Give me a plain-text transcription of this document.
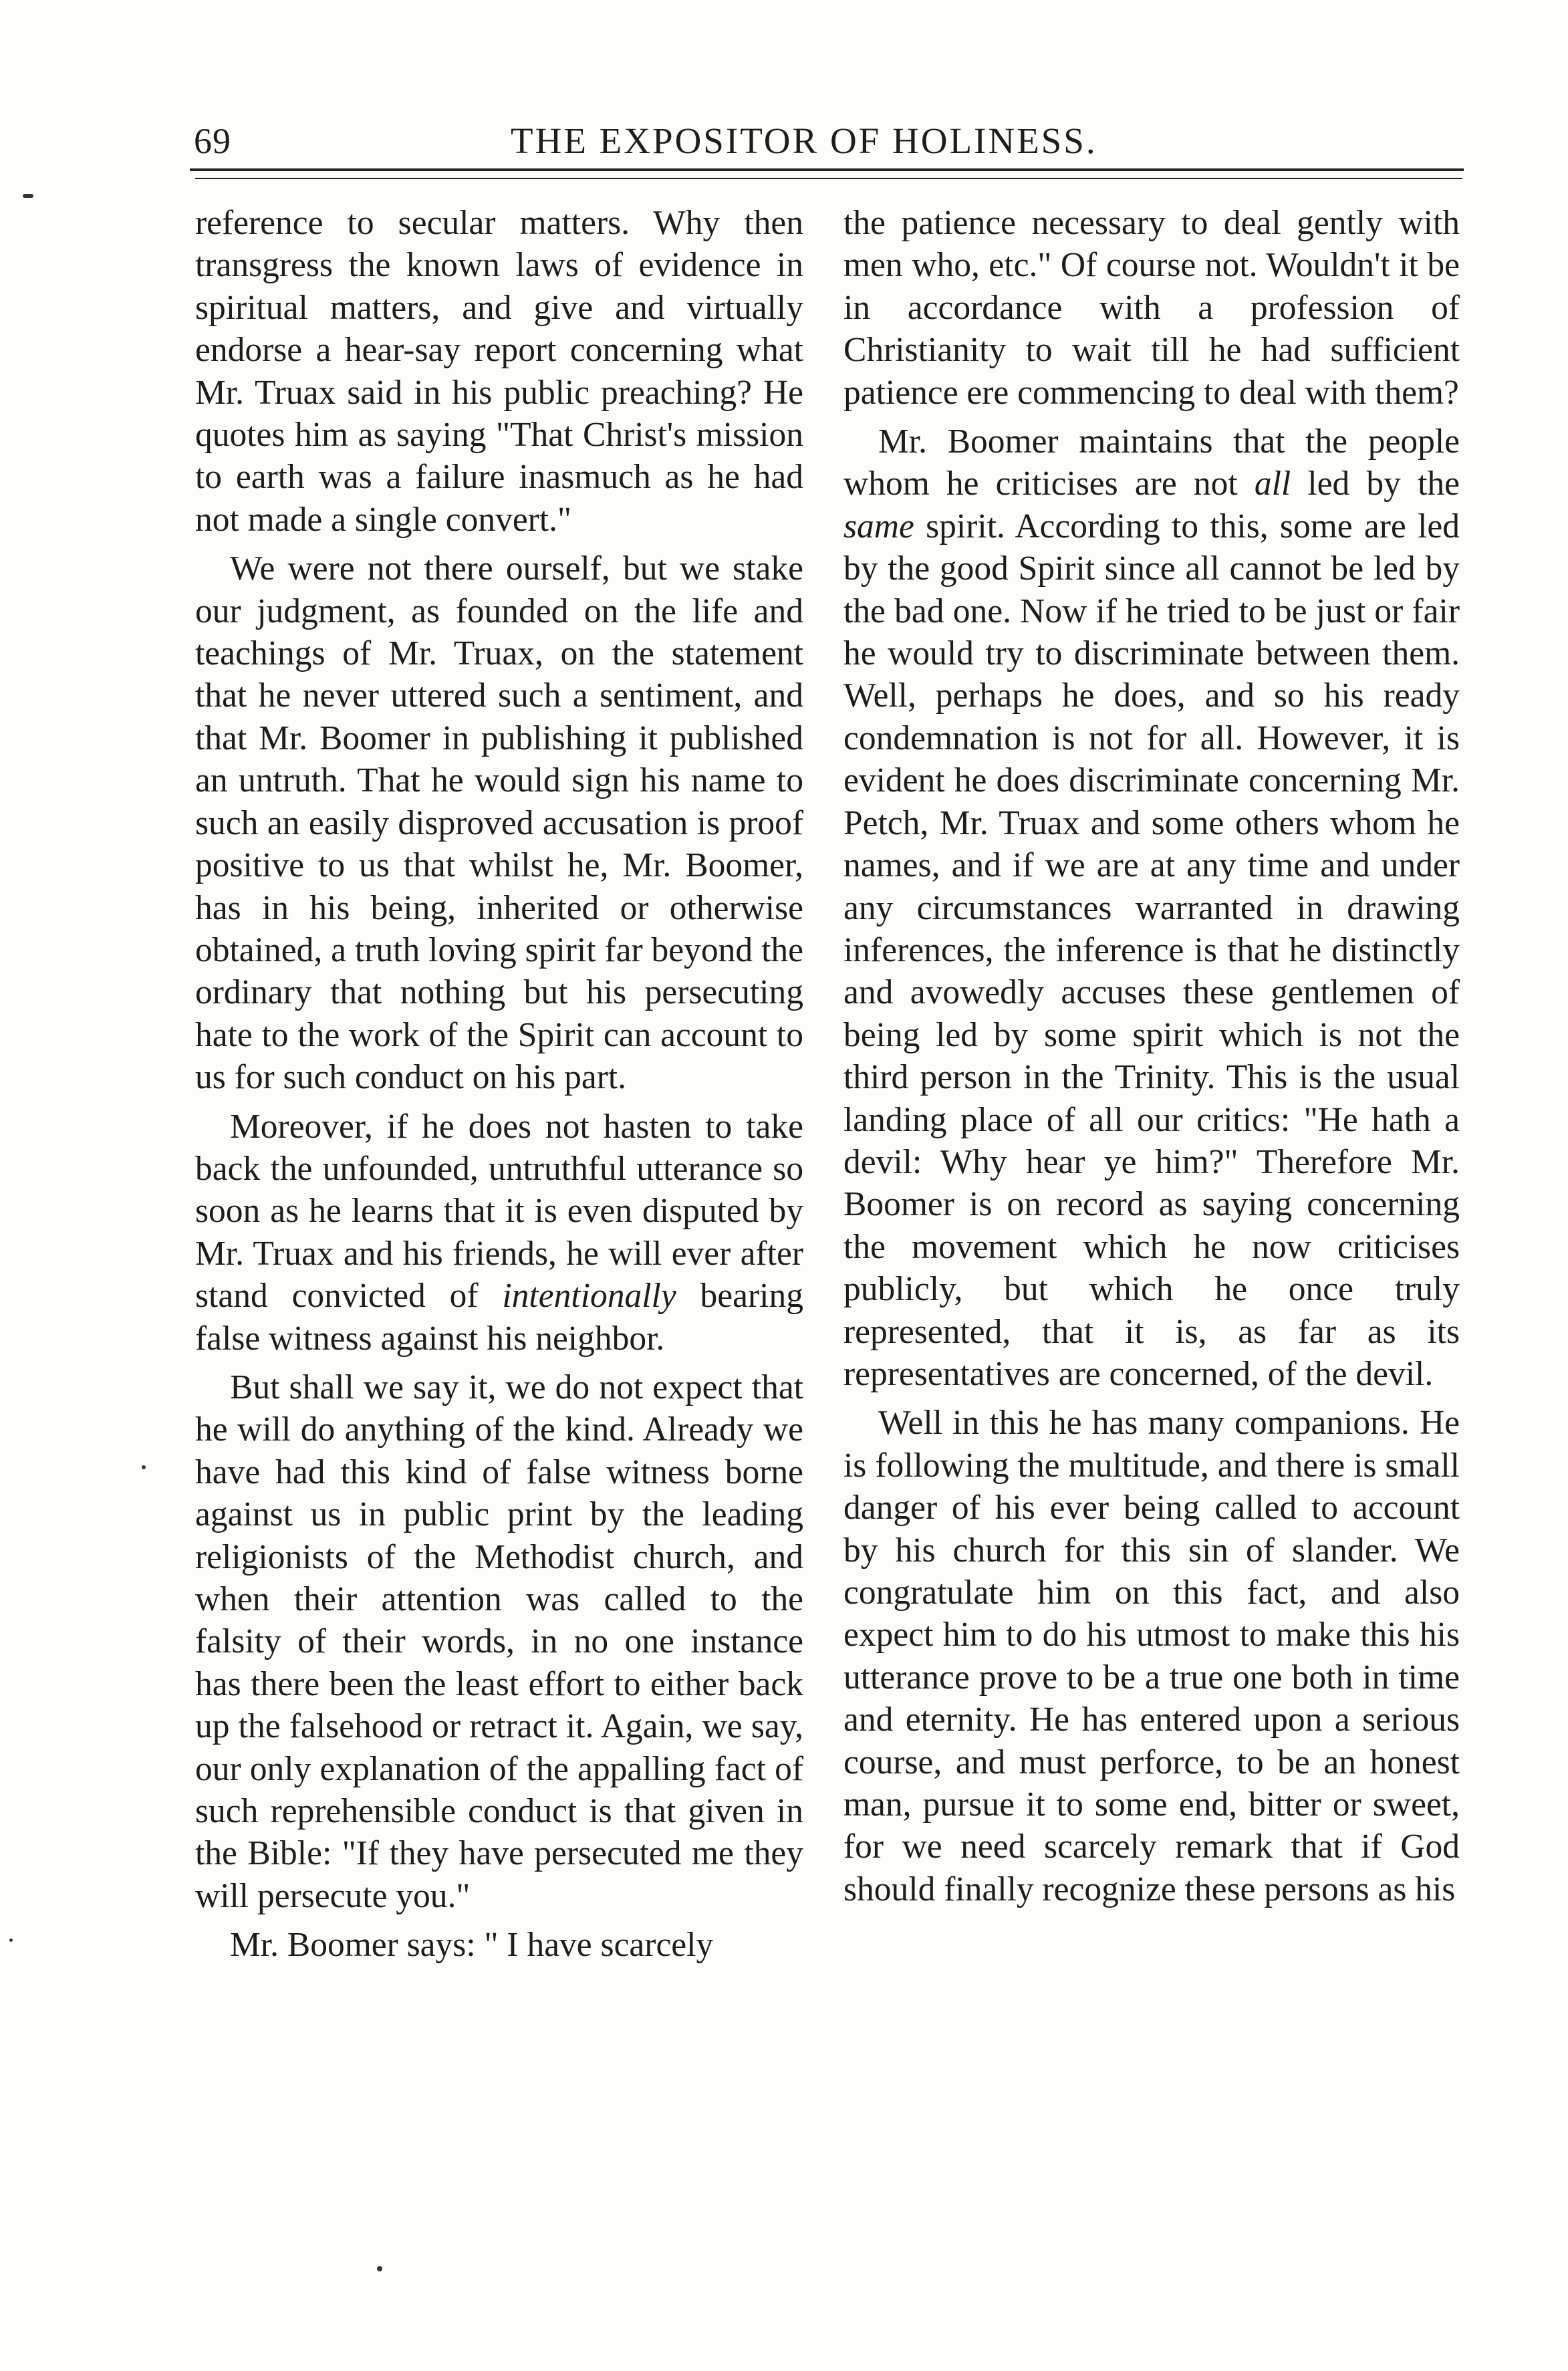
69	THE EXPOSITOR OF HOLINESS.

reference to secular matters. Why then transgress the known laws of evidence in spiritual matters, and give and virtually endorse a hear-say report concerning what Mr. Truax said in his public preaching? He quotes him as saying "That Christ's mission to earth was a failure inasmuch as he had not made a single convert."

We were not there ourself, but we stake our judgment, as founded on the life and teachings of Mr. Truax, on the statement that he never uttered such a sentiment, and that Mr. Boomer in publishing it published an untruth. That he would sign his name to such an easily disproved accusation is proof positive to us that whilst he, Mr. Boomer, has in his being, inherited or otherwise obtained, a truth loving spirit far beyond the ordinary that nothing but his persecuting hate to the work of the Spirit can account to us for such conduct on his part.

Moreover, if he does not hasten to take back the unfounded, untruthful utterance so soon as he learns that it is even disputed by Mr. Truax and his friends, he will ever after stand convicted of intentionally bearing false witness against his neighbor.

But shall we say it, we do not expect that he will do anything of the kind. Already we have had this kind of false witness borne against us in public print by the leading religionists of the Methodist church, and when their attention was called to the falsity of their words, in no one instance has there been the least effort to either back up the falsehood or retract it. Again, we say, our only explanation of the appalling fact of such reprehensible conduct is that given in the Bible: "If they have persecuted me they will persecute you."

Mr. Boomer says: " I have scarcely

the patience necessary to deal gently with men who, etc." Of course not. Wouldn't it be in accordance with a profession of Christianity to wait till he had sufficient patience ere commencing to deal with them?

Mr. Boomer maintains that the people whom he criticises are not all led by the same spirit. According to this, some are led by the good Spirit since all cannot be led by the bad one. Now if he tried to be just or fair he would try to discriminate between them. Well, perhaps he does, and so his ready condemnation is not for all. However, it is evident he does discriminate concerning Mr. Petch, Mr. Truax and some others whom he names, and if we are at any time and under any circumstances warranted in drawing inferences, the inference is that he distinctly and avowedly accuses these gentlemen of being led by some spirit which is not the third person in the Trinity. This is the usual landing place of all our critics: "He hath a devil: Why hear ye him?" Therefore Mr. Boomer is on record as saying concerning the movement which he now criticises publicly, but which he once truly represented, that it is, as far as its representatives are concerned, of the devil.

Well in this he has many companions. He is following the multitude, and there is small danger of his ever being called to account by his church for this sin of slander. We congratulate him on this fact, and also expect him to do his utmost to make this his utterance prove to be a true one both in time and eternity. He has entered upon a serious course, and must perforce, to be an honest man, pursue it to some end, bitter or sweet, for we need scarcely remark that if God should finally recognize these persons as his
